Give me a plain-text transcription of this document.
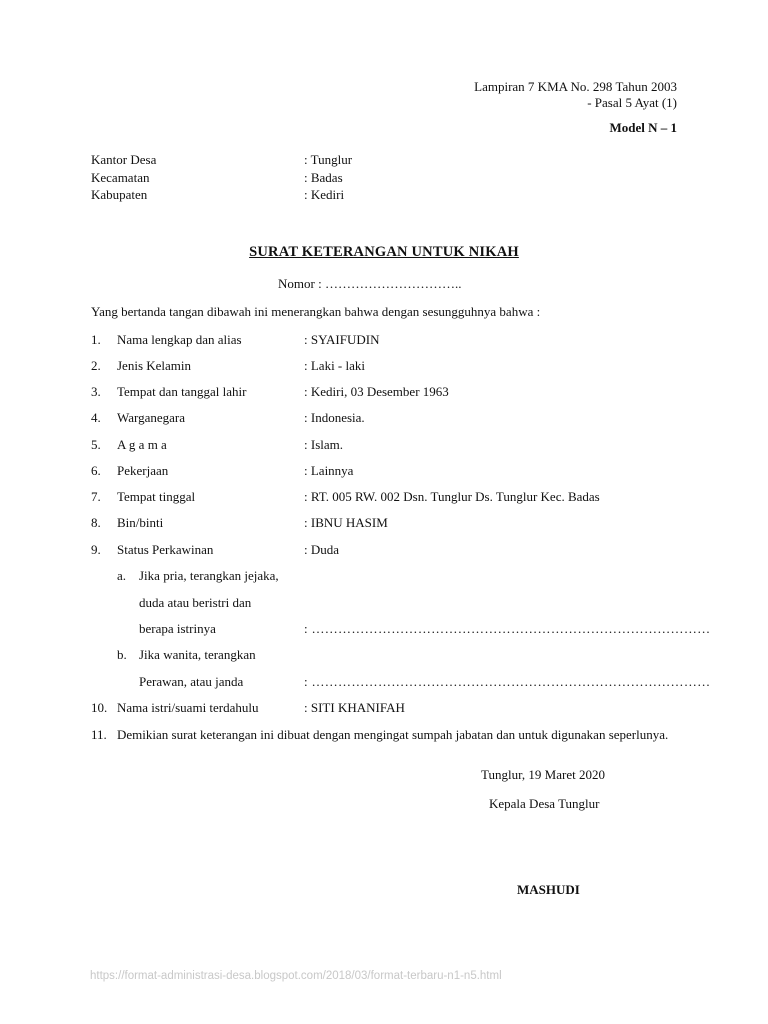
Lampiran 7 KMA No. 298 Tahun 2003
- Pasal 5 Ayat (1)
Model N – 1
Kantor Desa	: Tunglur
Kecamatan	: Badas
Kabupaten	: Kediri
SURAT KETERANGAN UNTUK NIKAH
Nomor : …………………………..
Yang bertanda tangan dibawah ini menerangkan bahwa dengan sesungguhnya bahwa :
1. Nama lengkap dan alias	: SYAIFUDIN
2. Jenis Kelamin	: Laki - laki
3. Tempat dan tanggal lahir	: Kediri, 03 Desember 1963
4. Warganegara	: Indonesia.
5. A g a m a	: Islam.
6. Pekerjaan	: Lainnya
7. Tempat tinggal	: RT. 005 RW. 002 Dsn. Tunglur Ds. Tunglur Kec. Badas
8. Bin/binti	: IBNU HASIM
9. Status Perkawinan	: Duda
a. Jika pria, terangkan jejaka,
duda atau beristri dan
berapa istrinya	: ………………………………………………………………………………
b. Jika wanita, terangkan
Perawan, atau janda	: ………………………………………………………………………………
10. Nama istri/suami terdahulu	: SITI KHANIFAH
11. Demikian surat keterangan ini dibuat dengan mengingat sumpah jabatan dan untuk digunakan seperlunya.
Tunglur, 19 Maret 2020
Kepala Desa Tunglur
MASHUDI
https://format-administrasi-desa.blogspot.com/2018/03/format-terbaru-n1-n5.html
